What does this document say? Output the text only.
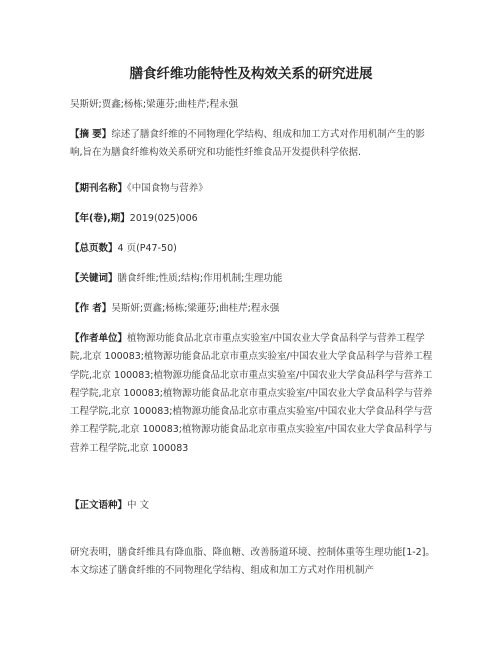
膳食纤维功能特性及构效关系的研究进展
吴斯妍;贾鑫;杨栋;梁蓮芬;曲桂芹;程永强
【摘 要】综述了膳食纤维的不同物理化学结构、组成和加工方式对作用机制产生的影响,旨在为膳食纤维构效关系研究和功能性纤维食品开发提供科学依据.
【期刊名称】《中国食物与营养》
【年(卷),期】2019(025)006
【总页数】4 页(P47-50)
【关键词】膳食纤维;性质;结构;作用机制;生理功能
【作 者】吴斯妍;贾鑫;杨栋;梁蓮芬;曲桂芹;程永强
【作者单位】植物源功能食品北京市重点实验室/中国农业大学食品科学与营养工程学院,北京 100083;植物源功能食品北京市重点实验室/中国农业大学食品科学与营养工程学院,北京 100083;植物源功能食品北京市重点实验室/中国农业大学食品科学与营养工程学院,北京 100083;植物源功能食品北京市重点实验室/中国农业大学食品科学与营养工程学院,北京 100083;植物源功能食品北京市重点实验室/中国农业大学食品科学与营养工程学院,北京 100083;植物源功能食品北京市重点实验室/中国农业大学食品科学与营养工程学院,北京 100083
【正文语种】中 文
研究表明，膳食纤维具有降血脂、降血糖、改善肠道环境、控制体重等生理功能[1-2]。本文综述了膳食纤维的不同物理化学结构、组成和加工方式对作用机制产
